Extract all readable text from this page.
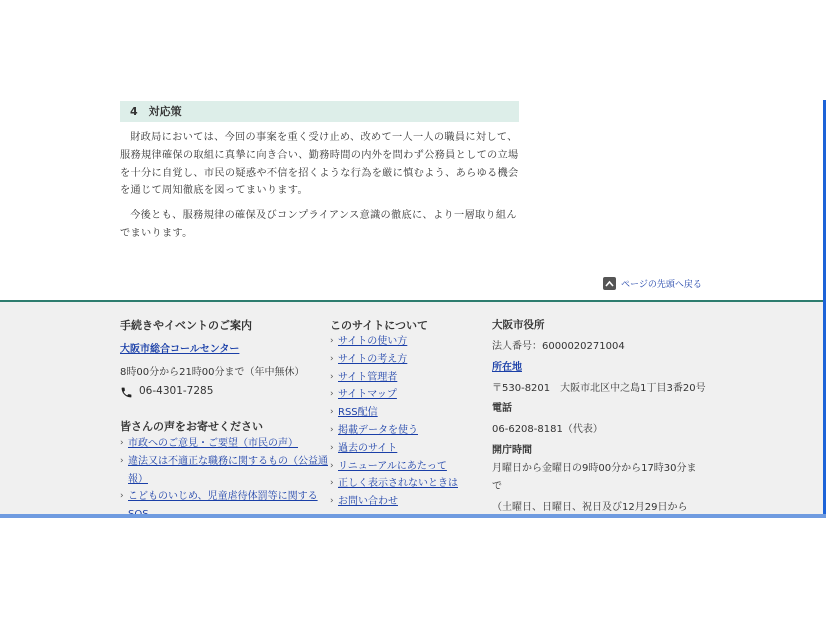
4　対応策

財政局においては、今回の事案を重く受け止め、改めて一人一人の職員に対して、服務規律確保の取組に真摯に向き合い、勤務時間の内外を問わず公務員としての立場を十分に自覚し、市民の疑惑や不信を招くような行為を厳に慎むよう、あらゆる機会を通じて周知徹底を図ってまいります。

今後とも、服務規律の確保及びコンプライアンス意識の徹底に、より一層取り組んでまいります。

ページの先頭へ戻る
手続きやイベントのご案内
大阪市総合コールセンター
8時00分から21時00分まで（年中無休）
06-4301-7285
皆さんの声をお寄せください
› 市政へのご意見・ご要望（市民の声）
› 違法又は不適正な職務に関するもの（公益通報）
› こどものいじめ、児童虐待体罰等に関する
このサイトについて
› サイトの使い方
› サイトの考え方
› サイト管理者
› サイトマップ
› RSS配信
› 掲載データを使う
› 過去のサイト
› リニューアルにあたって
› 正しく表示されないときは
› お問い合わせ
大阪市役所
法人番号：6000020271004
所在地
〒530-8201　大阪市北区中之島1丁目3番20号
電話
06-6208-8181（代表）
開庁時間
月曜日から金曜日の9時00分から17時30分まで
（土曜日、日曜日、祝日及び12月29日から
